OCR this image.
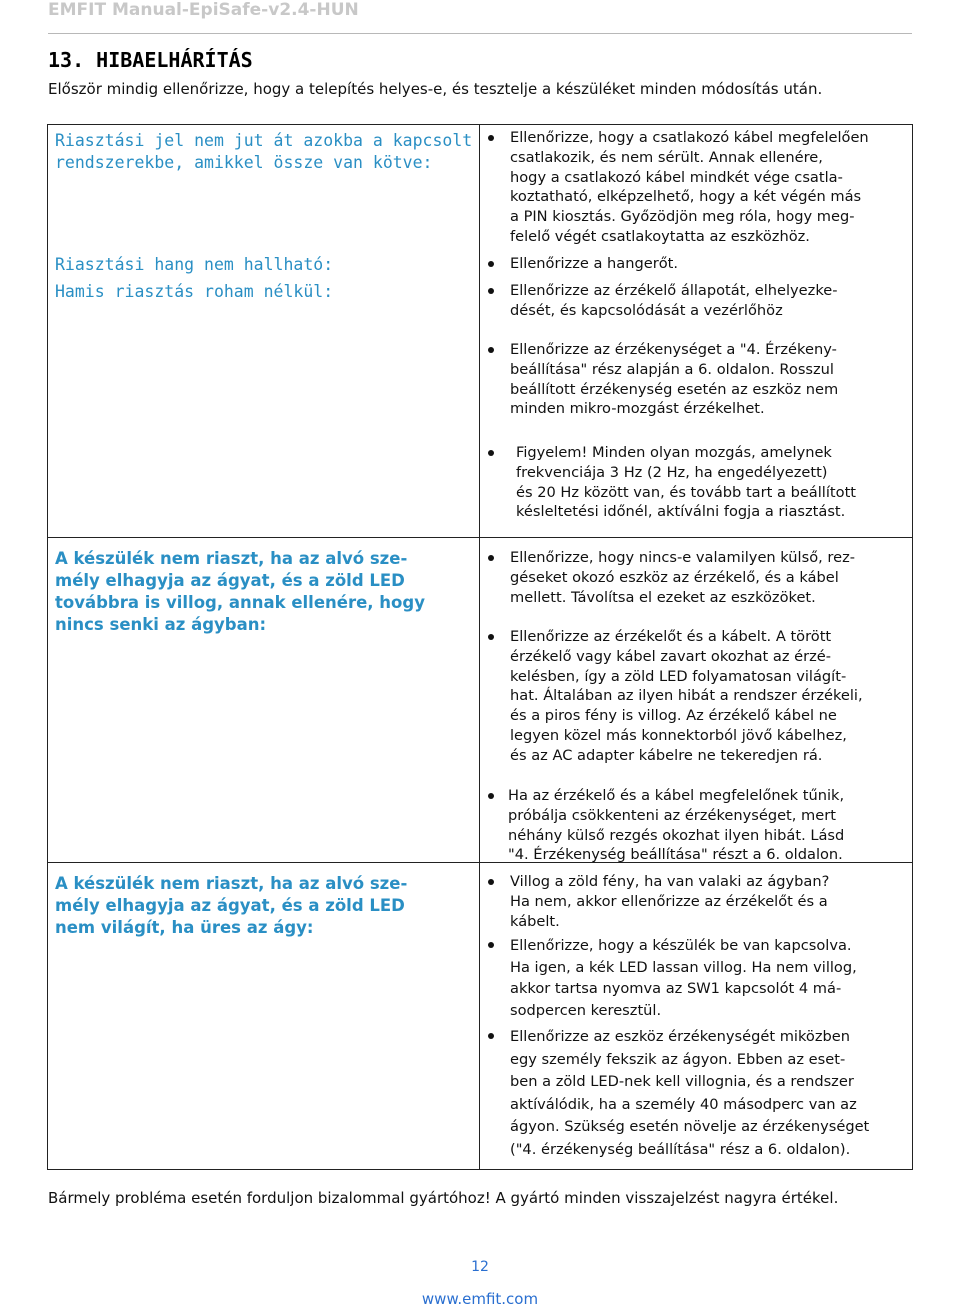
EMFIT Manual-EpiSafe-v2.4-HUN
13. HIBAELHÁRÍTÁS
Először mindig ellenőrizze, hogy a telepítés helyes-e, és tesztelje a készüléket minden módosítás után.
Riasztási jel nem jut át azokba a kapcsolt
rendszerekbe, amikkel össze van kötve:
Riasztási hang nem hallható:
Hamis riasztás roham nélkül:
A készülék nem riaszt, ha az alvó sze-
mély elhagyja az ágyat, és a zöld LED
továbbra is villog, annak ellenére, hogy
nincs senki az ágyban:
A készülék nem riaszt, ha az alvó sze-
mély elhagyja az ágyat, és a zöld LED
nem világít, ha üres az ágy:

Ellenőrizze, hogy a csatlakozó kábel megfelelően
csatlakozik, és nem sérült. Annak ellenére,
hogy a csatlakozó kábel mindkét vége csatla-
koztatható, elképzelhető, hogy a két végén más
a PIN kiosztás. Győzödjön meg róla, hogy meg-
felelő végét csatlakoytatta az eszközhöz.

Ellenőrizze a hangerőt.

Ellenőrizze az érzékelő állapotát, elhelyezke-
dését, és kapcsolódását a vezérlőhöz

Ellenőrizze az érzékenységet a "4. Érzékeny-
beállítása" rész alapján a 6. oldalon. Rosszul
beállított érzékenység esetén az eszköz nem
minden mikro-mozgást érzékelhet.

Figyelem! Minden olyan mozgás, amelynek
frekvenciája 3 Hz (2 Hz, ha engedélyezett)
és 20 Hz között van, és tovább tart a beállított
késleltetési időnél, aktíválni fogja a riasztást.

Ellenőrizze, hogy nincs-e valamilyen külső, rez-
géseket okozó eszköz az érzékelő, és a kábel
mellett. Távolítsa el ezeket az eszközöket.

Ellenőrizze az érzékelőt és a kábelt. A törött
érzékelő vagy kábel zavart okozhat az érzé-
kelésben, így a zöld LED folyamatosan világít-
hat. Általában az ilyen hibát a rendszer érzékeli,
és a piros fény is villog. Az érzékelő kábel ne
legyen közel más konnektorból jövő kábelhez,
és az AC adapter kábelre ne tekeredjen rá.

Ha az érzékelő és a kábel megfelelőnek tűnik,
próbálja csökkenteni az érzékenységet, mert
néhány külső rezgés okozhat ilyen hibát. Lásd
"4. Érzékenység beállítása" részt a 6. oldalon.

Villog a zöld fény, ha van valaki az ágyban?
Ha nem, akkor ellenőrizze az érzékelőt és a
kábelt.

Ellenőrizze, hogy a készülék be van kapcsolva.
Ha igen, a kék LED lassan villog. Ha nem villog,
akkor tartsa nyomva az SW1 kapcsolót 4 má-
sodpercen keresztül.

Ellenőrizze az eszköz érzékenységét miközben
egy személy fekszik az ágyon. Ebben az eset-
ben a zöld LED-nek kell villognia, és a rendszer
aktíválódik, ha a személy 40 másodperc van az
ágyon. Szükség esetén növelje az érzékenységet
("4. érzékenység beállítása" rész a 6. oldalon).

Bármely probléma esetén forduljon bizalommal gyártóhoz! A gyártó minden visszajelzést nagyra értékel.
12
www.emfit.com
